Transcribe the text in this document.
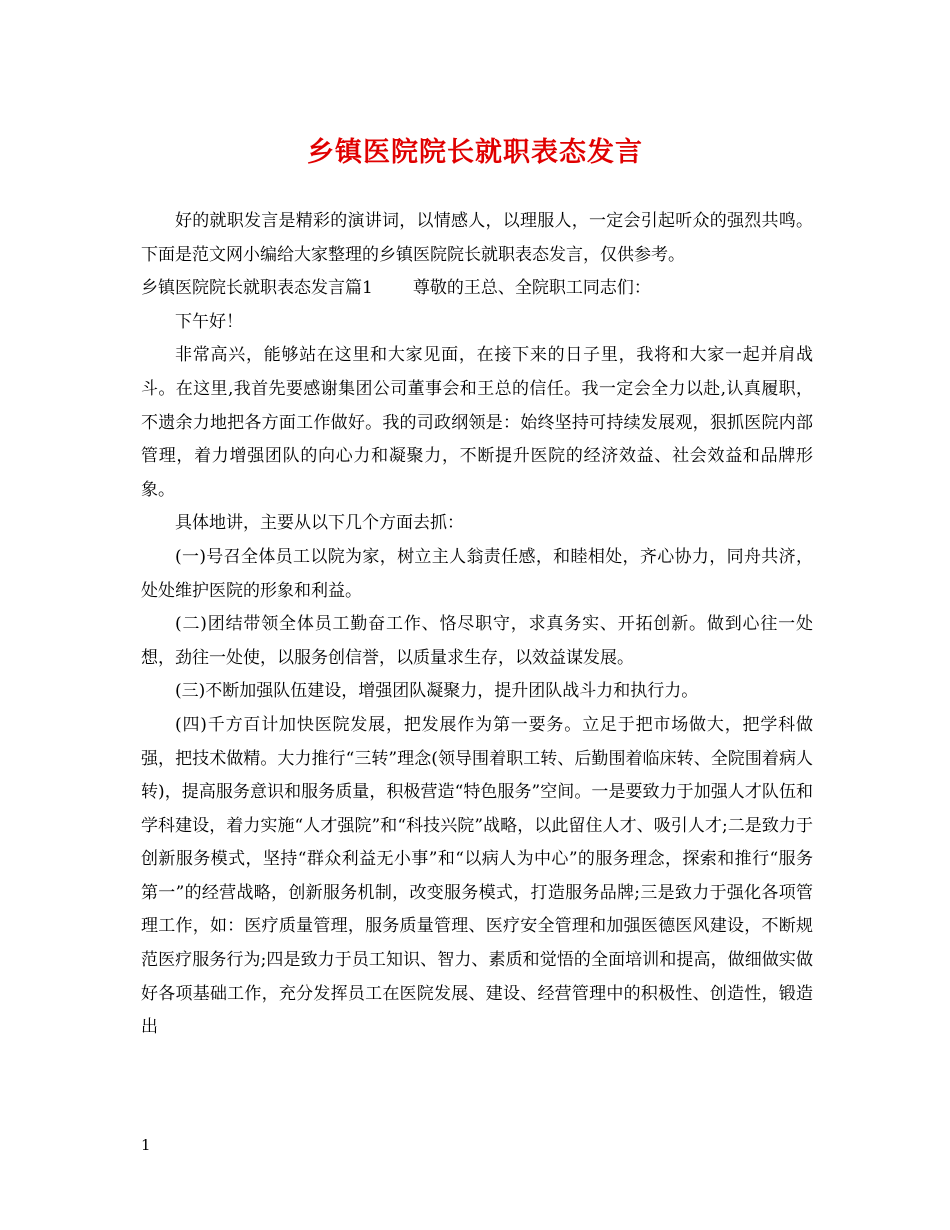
乡镇医院院长就职表态发言

好的就职发言是精彩的演讲词，以情感人，以理服人，一定会引起听众的强烈共鸣。下面是范文网小编给大家整理的乡镇医院院长就职表态发言，仅供参考。

乡镇医院院长就职表态发言篇1 尊敬的王总、全院职工同志们：

下午好！

非常高兴，能够站在这里和大家见面，在接下来的日子里，我将和大家一起并肩战斗。在这里,我首先要感谢集团公司董事会和王总的信任。我一定会全力以赴,认真履职，不遗余力地把各方面工作做好。我的司政纲领是：始终坚持可持续发展观，狠抓医院内部管理，着力增强团队的向心力和凝聚力，不断提升医院的经济效益、社会效益和品牌形象。

具体地讲，主要从以下几个方面去抓：

(一)号召全体员工以院为家，树立主人翁责任感，和睦相处，齐心协力，同舟共济，处处维护医院的形象和利益。

(二)团结带领全体员工勤奋工作、恪尽职守，求真务实、开拓创新。做到心往一处想，劲往一处使，以服务创信誉，以质量求生存，以效益谋发展。

(三)不断加强队伍建设，增强团队凝聚力，提升团队战斗力和执行力。

(四)千方百计加快医院发展，把发展作为第一要务。立足于把市场做大，把学科做强，把技术做精。大力推行“三转”理念(领导围着职工转、后勤围着临床转、全院围着病人转)，提高服务意识和服务质量，积极营造“特色服务”空间。一是要致力于加强人才队伍和学科建设，着力实施“人才强院”和“科技兴院”战略，以此留住人才、吸引人才;二是致力于创新服务模式，坚持“群众利益无小事”和“以病人为中心”的服务理念，探索和推行“服务第一”的经营战略，创新服务机制，改变服务模式，打造服务品牌;三是致力于强化各项管理工作，如：医疗质量管理，服务质量管理、医疗安全管理和加强医德医风建设，不断规范医疗服务行为;四是致力于员工知识、智力、素质和觉悟的全面培训和提高，做细做实做好各项基础工作，充分发挥员工在医院发展、建设、经营管理中的积极性、创造性，锻造出

1
